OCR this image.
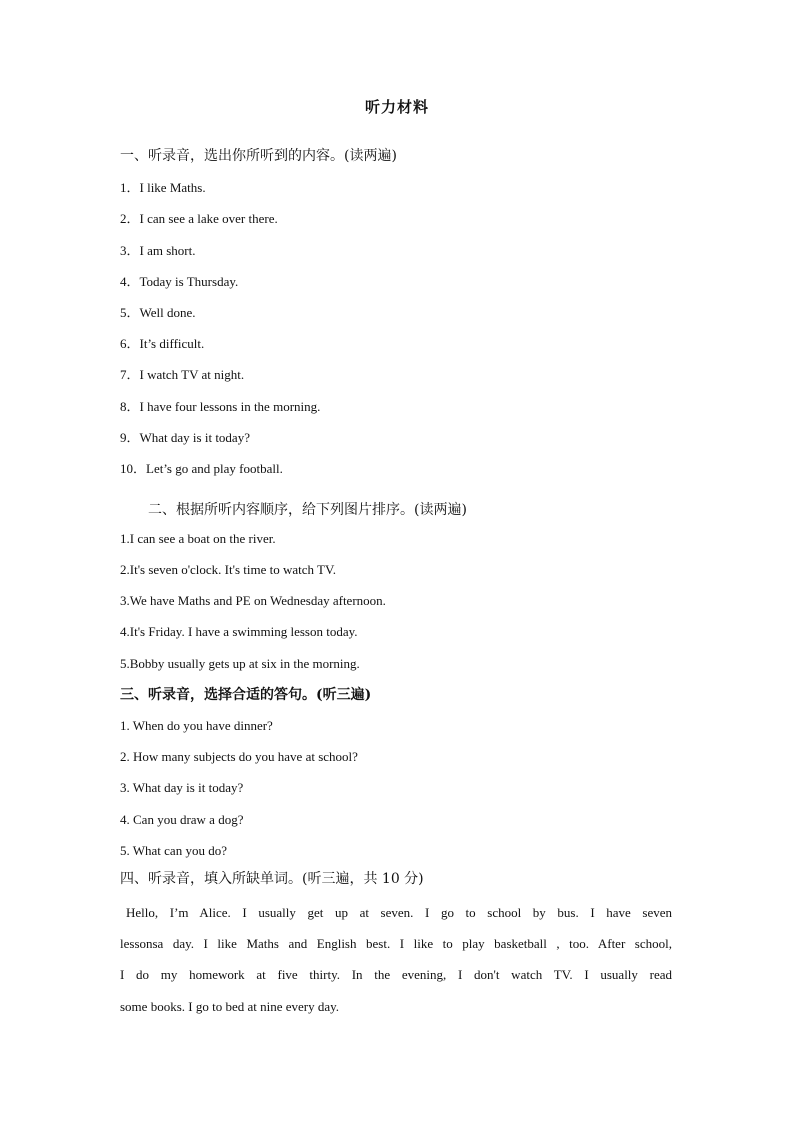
听力材料
一、听录音，选出你所听到的内容。(读两遍)
1．I like Maths.
2．I can see a lake over there.
3．I am short.
4．Today is Thursday.
5．Well done.
6．It’s difficult.
7．I watch TV at night.
8．I have four lessons in the morning.
9．What day is it today?
10．Let’s go and play football.
二、根据所听内容顺序，给下列图片排序。(读两遍)
1.I can see a boat on the river.
2.It's seven o'clock. It's time to watch TV.
3.We have Maths and PE on Wednesday afternoon.
4.It's Friday. I have a swimming lesson today.
5.Bobby usually gets up at six in the morning.
三、听录音，选择合适的答句。(听三遍)
1. When do you have dinner?
2. How many subjects do you have at school?
3. What day is it today?
4. Can you draw a dog?
5. What can you do?
四、听录音，填入所缺单词。(听三遍，共 10 分)
Hello, I’m Alice. I usually get up at seven. I go to school by bus. I have seven
lessonsa day. I like Maths and English best. I like to play basketball , too. After school,
I do my homework at five thirty. In the evening, I don't watch TV. I usually read
some books. I go to bed at nine every day.
